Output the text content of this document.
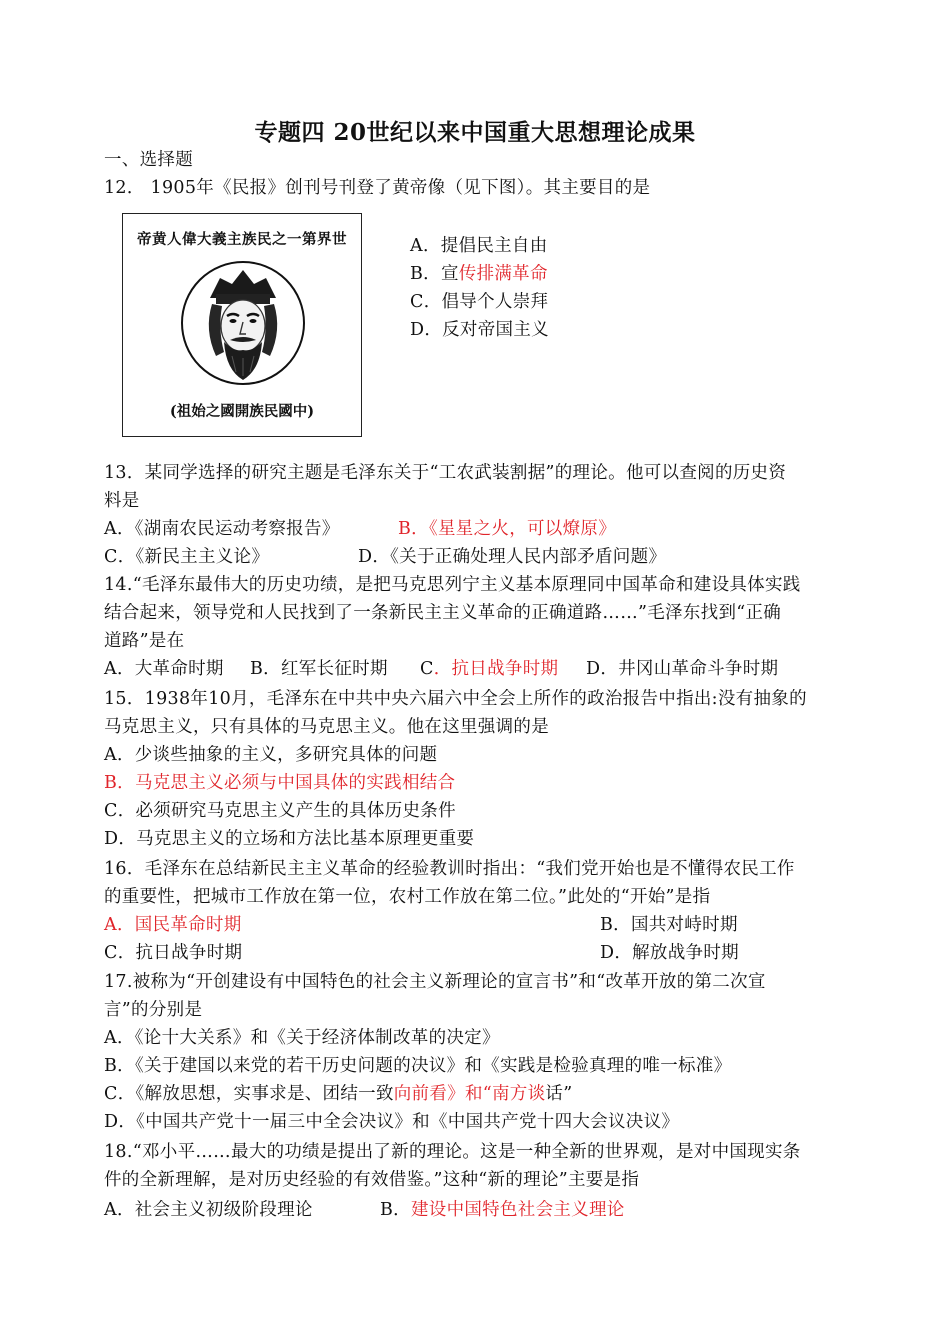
专题四 20世纪以来中国重大思想理论成果
一、选择题
12． 1905年《民报》创刊号刊登了黄帝像（见下图）。其主要目的是
帝黄人偉大義主族民之一第界世
(祖始之國開族民國中)
A．提倡民主自由
B．宣传排满革命
C．倡导个人崇拜
D．反对帝国主义
13．某同学选择的研究主题是毛泽东关于“工农武装割据”的理论。他可以查阅的历史资
料是
A．《湖南农民运动考察报告》	B．《星星之火，可以燎原》
C．《新民主主义论》	D．《关于正确处理人民内部矛盾问题》
14.“毛泽东最伟大的历史功绩，是把马克思列宁主义基本原理同中国革命和建设具体实践
结合起来，领导党和人民找到了一条新民主主义革命的正确道路……”毛泽东找到“正确
道路”是在
A．大革命时期 B．红军长征时期 C．抗日战争时期 D．井冈山革命斗争时期
15．1938年10月，毛泽东在中共中央六届六中全会上所作的政治报告中指出:没有抽象的
马克思主义，只有具体的马克思主义。他在这里强调的是
A．少谈些抽象的主义，多研究具体的问题
B．马克思主义必须与中国具体的实践相结合
C．必须研究马克思主义产生的具体历史条件
D．马克思主义的立场和方法比基本原理更重要
16．毛泽东在总结新民主主义革命的经验教训时指出：“我们党开始也是不懂得农民工作
的重要性，把城市工作放在第一位，农村工作放在第二位。”此处的“开始”是指
A．国民革命时期	B．国共对峙时期
C．抗日战争时期	D．解放战争时期
17.被称为“开创建设有中国特色的社会主义新理论的宣言书”和“改革开放的第二次宣
言”的分别是
A．《论十大关系》和《关于经济体制改革的决定》
B．《关于建国以来党的若干历史问题的决议》和《实践是检验真理的唯一标准》
C．《解放思想，实事求是、团结一致向前看》和“南方谈话”
D．《中国共产党十一届三中全会决议》和《中国共产党十四大会议决议》
18.“邓小平……最大的功绩是提出了新的理论。这是一种全新的世界观，是对中国现实条
件的全新理解，是对历史经验的有效借鉴。”这种“新的理论”主要是指
A．社会主义初级阶段理论	B．建设中国特色社会主义理论
